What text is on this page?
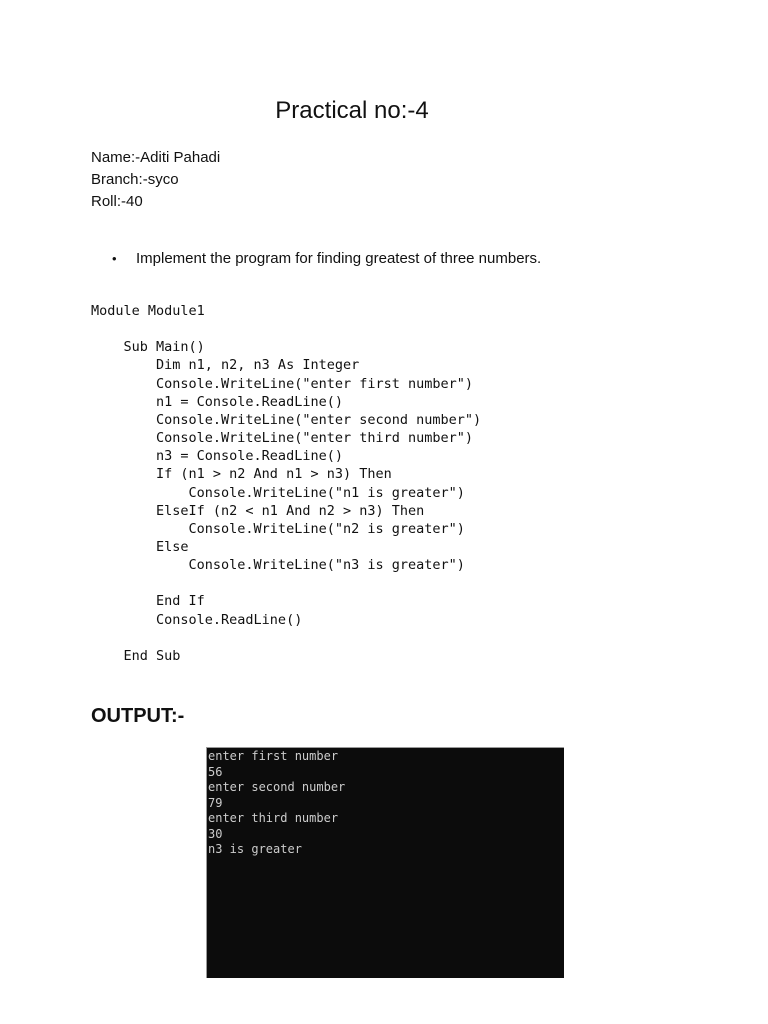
Practical no:-4
Name:-Aditi Pahadi
Branch:-syco
Roll:-40
• Implement the program for finding greatest of three numbers.
Module Module1
Sub Main()
Dim n1, n2, n3 As Integer
Console.WriteLine("enter first number")
n1 = Console.ReadLine()
Console.WriteLine("enter second number")
Console.WriteLine("enter third number")
n3 = Console.ReadLine()
If (n1 > n2 And n1 > n3) Then
Console.WriteLine("n1 is greater")
ElseIf (n2 < n1 And n2 > n3) Then
Console.WriteLine("n2 is greater")
Else
Console.WriteLine("n3 is greater")
End If
Console.ReadLine()
End Sub
OUTPUT:-
enter first number
56
enter second number
79
enter third number
30
n3 is greater
